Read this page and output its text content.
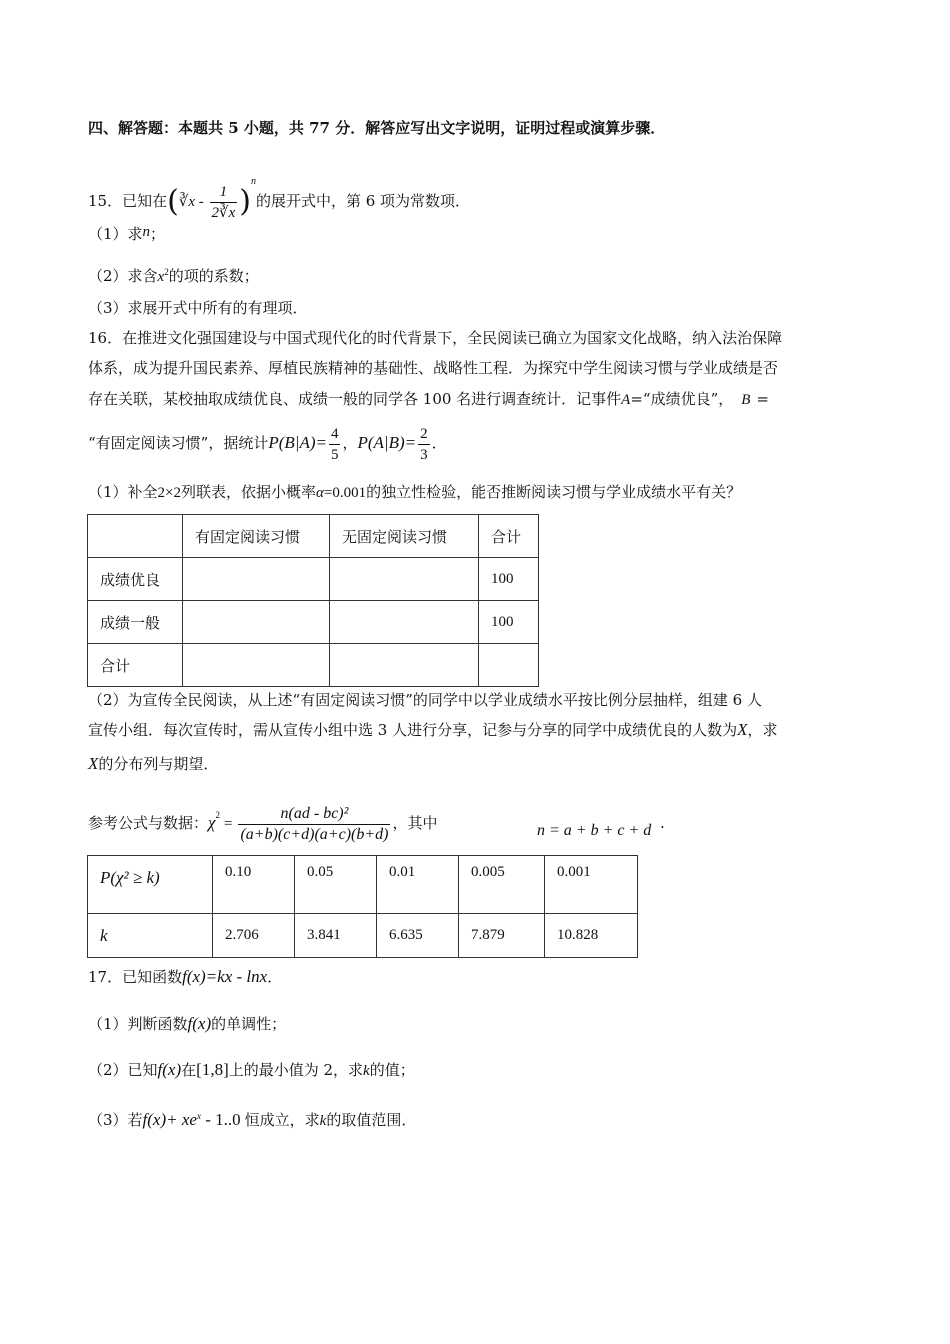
四、解答题：本题共 5 小题，共 77 分．解答应写出文字说明，证明过程或演算步骤．
15．已知在(∛x - $\frac{1}{2∛x} )^n$的展开式中，第 6 项为常数项．
（1）求n；
（2）求含$x^2$的项的系数；
（3）求展开式中所有的有理项．
16．在推进文化强国建设与中国式现代化的时代背景下，全民阅读已确立为国家文化战略，纳入法治保障
体系，成为提升国民素养、厚植民族精神的基础性、战略性工程．为探究中学生阅读习惯与学业成绩是否
存在关联，某校抽取成绩优良、成绩一般的同学各 100 名进行调查统计．记事件A=“成绩优良”， B =
“有固定阅读习惯”，据统计$P(B|A)= \frac{4}{5}$ ，$P(A|B)= \frac{2}{3}$ ．
（1）补全2×2列联表，依据小概率α=0.001的独立性检验，能否推断阅读习惯与学业成绩水平有关？
	有固定阅读习惯	无固定阅读习惯	合计
成绩优良			100
成绩一般			100
合计			
（2）为宣传全民阅读，从上述“有固定阅读习惯”的同学中以学业成绩水平按比例分层抽样，组建 6 人
宣传小组．每次宣传时，需从宣传小组中选 3 人进行分享，记参与分享的同学中成绩优良的人数为X，求
X的分布列与期望．
参考公式与数据：$\chi^2= \frac{\text{n(ad - bc)²}}{(a+b)(c+d)(a+c)(b+d)}$ ，其中	n = a + b + c + d .
P(χ² ≥ k)	0.10	0.05	0.01	0.005	0.001
k	2.706	3.841	6.635	7.879	10.828
17．已知函数f(x)=kx - lnx．
（1）判断函数f(x)的单调性；
（2）已知f(x)在[1,8]上的最小值为 2，求k的值；
（3）若$f(x)+ xe^x - 1..0$ 恒成立，求k的取值范围．
